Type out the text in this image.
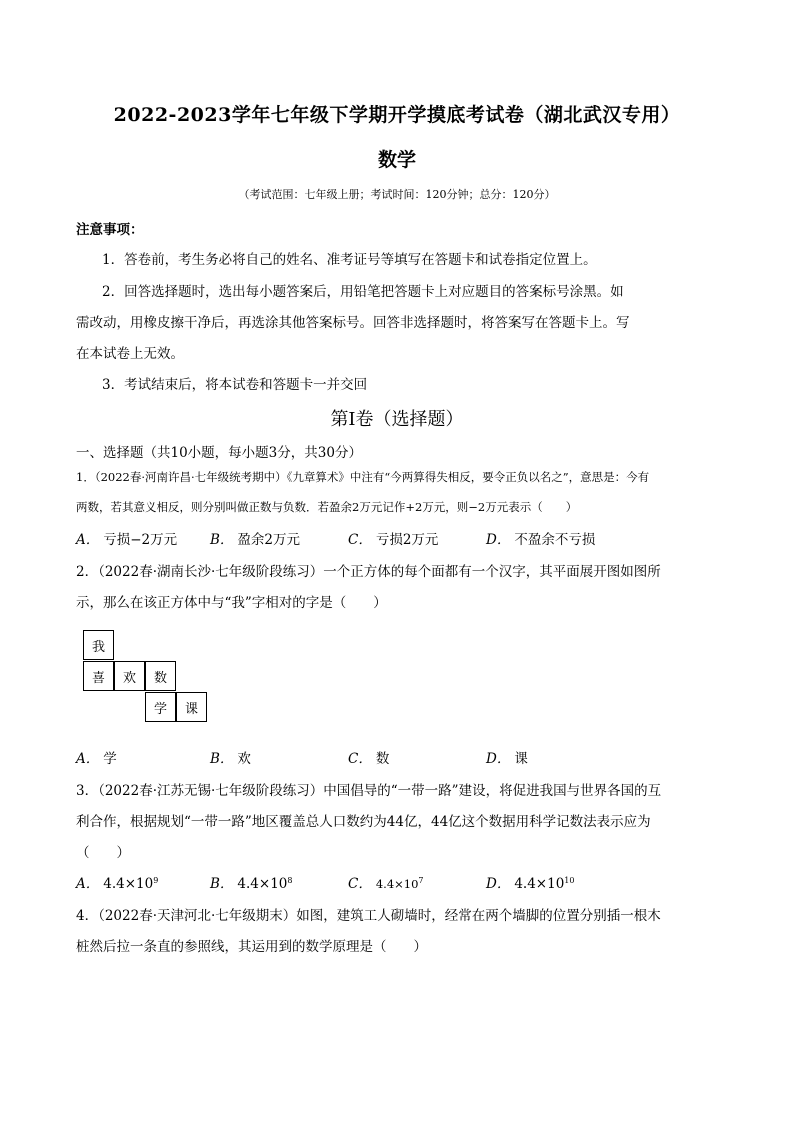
2022-2023学年七年级下学期开学摸底考试卷（湖北武汉专用）
数学
（考试范围：七年级上册；考试时间：120分钟；总分：120分）
注意事项：
1．答卷前，考生务必将自己的姓名、准考证号等填写在答题卡和试卷指定位置上。
2．回答选择题时，选出每小题答案后，用铅笔把答题卡上对应题目的答案标号涂黑。如
需改动，用橡皮擦干净后，再选涂其他答案标号。回答非选择题时，将答案写在答题卡上。写
在本试卷上无效。
3．考试结束后，将本试卷和答题卡一并交回
第Ⅰ卷（选择题）
一、选择题（共10小题，每小题3分，共30分）
1．（2022春·河南许昌·七年级统考期中）《九章算术》中注有“今两算得失相反，要令正负以名之”，意思是：今有
两数，若其意义相反，则分别叫做正数与负数．若盈余2万元记作+2万元，则−2万元表示（　　）
A． 亏损−2万元 B． 盈余2万元	C． 亏损2万元	D． 不盈余不亏损
2．（2022春·湖南长沙·七年级阶段练习）一个正方体的每个面都有一个汉字，其平面展开图如图所
示，那么在该正方体中与“我”字相对的字是（　　）
我
喜	欢	数
学	课
A． 学	B． 欢	C． 数	D． 课
3．（2022春·江苏无锡·七年级阶段练习）中国倡导的“一带一路”建设，将促进我国与世界各国的互
利合作，根据规划“一带一路”地区覆盖总人口数约为44亿，44亿这个数据用科学记数法表示应为
（　　）
A． $4.4\times 10^9$	B． $4.4\times 10^8$	C． $4.4\times 10^7$	D． $4.4\times 10^{10}$
4．（2022春·天津河北·七年级期末）如图，建筑工人砌墙时，经常在两个墙脚的位置分别插一根木
桩然后拉一条直的参照线，其运用到的数学原理是（　　）
